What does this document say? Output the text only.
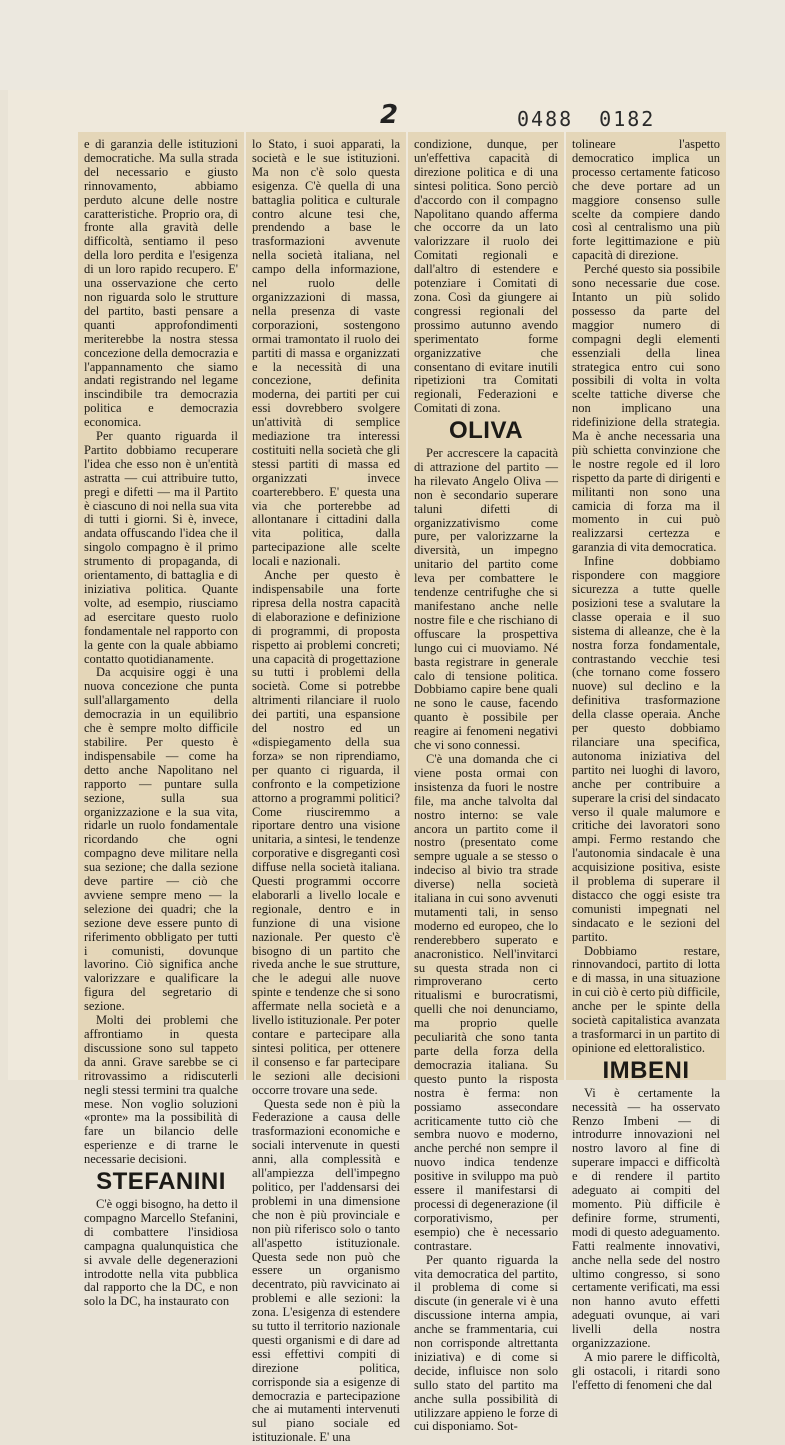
2	0488 0182

e di garanzia delle istituzioni democratiche. Ma sulla strada del necessario e giusto rinnovamento, abbiamo perduto alcune delle nostre caratteristiche. Proprio ora, di fronte alla gravità delle difficoltà, sentiamo il peso della loro perdita e l'esigenza di un loro rapido recupero. E' una osservazione che certo non riguarda solo le strutture del partito, basti pensare a quanti approfondimenti meriterebbe la nostra stessa concezione della democrazia e l'appannamento che siamo andati registrando nel legame inscindibile tra democrazia politica e democrazia economica.

Per quanto riguarda il Partito dobbiamo recuperare l'idea che esso non è un'entità astratta — cui attribuire tutto, pregi e difetti — ma il Partito è ciascuno di noi nella sua vita di tutti i giorni. Si è, invece, andata offuscando l'idea che il singolo compagno è il primo strumento di propaganda, di orientamento, di battaglia e di iniziativa politica. Quante volte, ad esempio, riusciamo ad esercitare questo ruolo fondamentale nel rapporto con la gente con la quale abbiamo contatto quotidianamente.

Da acquisire oggi è una nuova concezione che punta sull'allargamento della democrazia in un equilibrio che è sempre molto difficile stabilire. Per questo è indispensabile — come ha detto anche Napolitano nel rapporto — puntare sulla sezione, sulla sua organizzazione e la sua vita, ridarle un ruolo fondamentale ricordando che ogni compagno deve militare nella sua sezione; che dalla sezione deve partire — ciò che avviene sempre meno — la selezione dei quadri; che la sezione deve essere punto di riferimento obbligato per tutti i comunisti, dovunque lavorino. Ciò significa anche valorizzare e qualificare la figura del segretario di sezione.

Molti dei problemi che affrontiamo in questa discussione sono sul tappeto da anni. Grave sarebbe se ci ritrovassimo a ridiscuterli negli stessi termini tra qualche mese. Non voglio soluzioni «pronte» ma la possibilità di fare un bilancio delle esperienze e di trarne le necessarie decisioni.

STEFANINI

C'è oggi bisogno, ha detto il compagno Marcello Stefanini, di combattere l'insidiosa campagna qualunquistica che si avvale delle degenerazioni introdotte nella vita pubblica dal rapporto che la DC, e non solo la DC, ha instaurato con

lo Stato, i suoi apparati, la società e le sue istituzioni. Ma non c'è solo questa esigenza. C'è quella di una battaglia politica e culturale contro alcune tesi che, prendendo a base le trasformazioni avvenute nella società italiana, nel campo della informazione, nel ruolo delle organizzazioni di massa, nella presenza di vaste corporazioni, sostengono ormai tramontato il ruolo dei partiti di massa e organizzati e la necessità di una concezione, definita moderna, dei partiti per cui essi dovrebbero svolgere un'attività di semplice mediazione tra interessi costituiti nella società che gli stessi partiti di massa ed organizzati invece coarterebbero. E' questa una via che porterebbe ad allontanare i cittadini dalla vita politica, dalla partecipazione alle scelte locali e nazionali.

Anche per questo è indispensabile una forte ripresa della nostra capacità di elaborazione e definizione di programmi, di proposta rispetto ai problemi concreti; una capacità di progettazione su tutti i problemi della società. Come si potrebbe altrimenti rilanciare il ruolo dei partiti, una espansione del nostro ed un «dispiegamento della sua forza» se non riprendiamo, per quanto ci riguarda, il confronto e la competizione attorno a programmi politici? Come riusciremmo a riportare dentro una visione unitaria, a sintesi, le tendenze corporative e disgreganti così diffuse nella società italiana. Questi programmi occorre elaborarli a livello locale e regionale, dentro e in funzione di una visione nazionale. Per questo c'è bisogno di un partito che riveda anche le sue strutture, che le adegui alle nuove spinte e tendenze che si sono affermate nella società e a livello istituzionale. Per poter contare e partecipare alla sintesi politica, per ottenere il consenso e far partecipare le sezioni alle decisioni occorre trovare una sede.

Questa sede non è più la Federazione a causa delle trasformazioni economiche e sociali intervenute in questi anni, alla complessità e all'ampiezza dell'impegno politico, per l'addensarsi dei problemi in una dimensione che non è più provinciale e non più riferisco solo o tanto all'aspetto istituzionale. Questa sede non può che essere un organismo decentrato, più ravvicinato ai problemi e alle sezioni: la zona. L'esigenza di estendere su tutto il territorio nazionale questi organismi e di dare ad essi effettivi compiti di direzione politica, corrisponde sia a esigenze di democrazia e partecipazione che ai mutamenti intervenuti sul piano sociale ed istituzionale. E' una

condizione, dunque, per un'effettiva capacità di direzione politica e di una sintesi politica. Sono perciò d'accordo con il compagno Napolitano quando afferma che occorre da un lato valorizzare il ruolo dei Comitati regionali e dall'altro di estendere e potenziare i Comitati di zona. Così da giungere ai congressi regionali del prossimo autunno avendo sperimentato forme organizzative che consentano di evitare inutili ripetizioni tra Comitati regionali, Federazioni e Comitati di zona.

OLIVA

Per accrescere la capacità di attrazione del partito — ha rilevato Angelo Oliva — non è secondario superare taluni difetti di organizzativismo come pure, per valorizzarne la diversità, un impegno unitario del partito come leva per combattere le tendenze centrifughe che si manifestano anche nelle nostre file e che rischiano di offuscare la prospettiva lungo cui ci muoviamo. Né basta registrare in generale calo di tensione politica. Dobbiamo capire bene quali ne sono le cause, facendo quanto è possibile per reagire ai fenomeni negativi che vi sono connessi.

C'è una domanda che ci viene posta ormai con insistenza da fuori le nostre file, ma anche talvolta dal nostro interno: se vale ancora un partito come il nostro (presentato come sempre uguale a se stesso o indeciso al bivio tra strade diverse) nella società italiana in cui sono avvenuti mutamenti tali, in senso moderno ed europeo, che lo renderebbero superato e anacronistico. Nell'invitarci su questa strada non ci rimproverano certo ritualismi e burocratismi, quelli che noi denunciamo, ma proprio quelle peculiarità che sono tanta parte della forza della democrazia italiana. Su questo punto la risposta nostra è ferma: non possiamo assecondare acriticamente tutto ciò che sembra nuovo e moderno, anche perché non sempre il nuovo indica tendenze positive in sviluppo ma può essere il manifestarsi di processi di degenerazione (il corporativismo, per esempio) che è necessario contrastare.

Per quanto riguarda la vita democratica del partito, il problema di come si discute (in generale vi è una discussione interna ampia, anche se frammentaria, cui non corrisponde altrettanta iniziativa) e di come si decide, influisce non solo sullo stato del partito ma anche sulla possibilità di utilizzare appieno le forze di cui disponiamo. Sot-

tolineare l'aspetto democratico implica un processo certamente faticoso che deve portare ad un maggiore consenso sulle scelte da compiere dando così al centralismo una più forte legittimazione e più capacità di direzione.

Perché questo sia possibile sono necessarie due cose. Intanto un più solido possesso da parte del maggior numero di compagni degli elementi essenziali della linea strategica entro cui sono possibili di volta in volta scelte tattiche diverse che non implicano una ridefinizione della strategia. Ma è anche necessaria una più schietta convinzione che le nostre regole ed il loro rispetto da parte di dirigenti e militanti non sono una camicia di forza ma il momento in cui può realizzarsi certezza e garanzia di vita democratica.

Infine dobbiamo rispondere con maggiore sicurezza a tutte quelle posizioni tese a svalutare la classe operaia e il suo sistema di alleanze, che è la nostra forza fondamentale, contrastando vecchie tesi (che tornano come fossero nuove) sul declino e la definitiva trasformazione della classe operaia. Anche per questo dobbiamo rilanciare una specifica, autonoma iniziativa del partito nei luoghi di lavoro, anche per contribuire a superare la crisi del sindacato verso il quale malumore e critiche dei lavoratori sono ampi. Fermo restando che l'autonomia sindacale è una acquisizione positiva, esiste il problema di superare il distacco che oggi esiste tra comunisti impegnati nel sindacato e le sezioni del partito.

Dobbiamo restare, rinnovandoci, partito di lotta e di massa, in una situazione in cui ciò è certo più difficile, anche per le spinte della società capitalistica avanzata a trasformarci in un partito di opinione ed elettoralistico.

IMBENI

Vi è certamente la necessità — ha osservato Renzo Imbeni — di introdurre innovazioni nel nostro lavoro al fine di superare impacci e difficoltà e di rendere il partito adeguato ai compiti del momento. Più difficile è definire forme, strumenti, modi di questo adeguamento. Fatti realmente innovativi, anche nella sede del nostro ultimo congresso, si sono certamente verificati, ma essi non hanno avuto effetti adeguati ovunque, ai vari livelli della nostra organizzazione.

A mio parere le difficoltà, gli ostacoli, i ritardi sono l'effetto di fenomeni che dal
